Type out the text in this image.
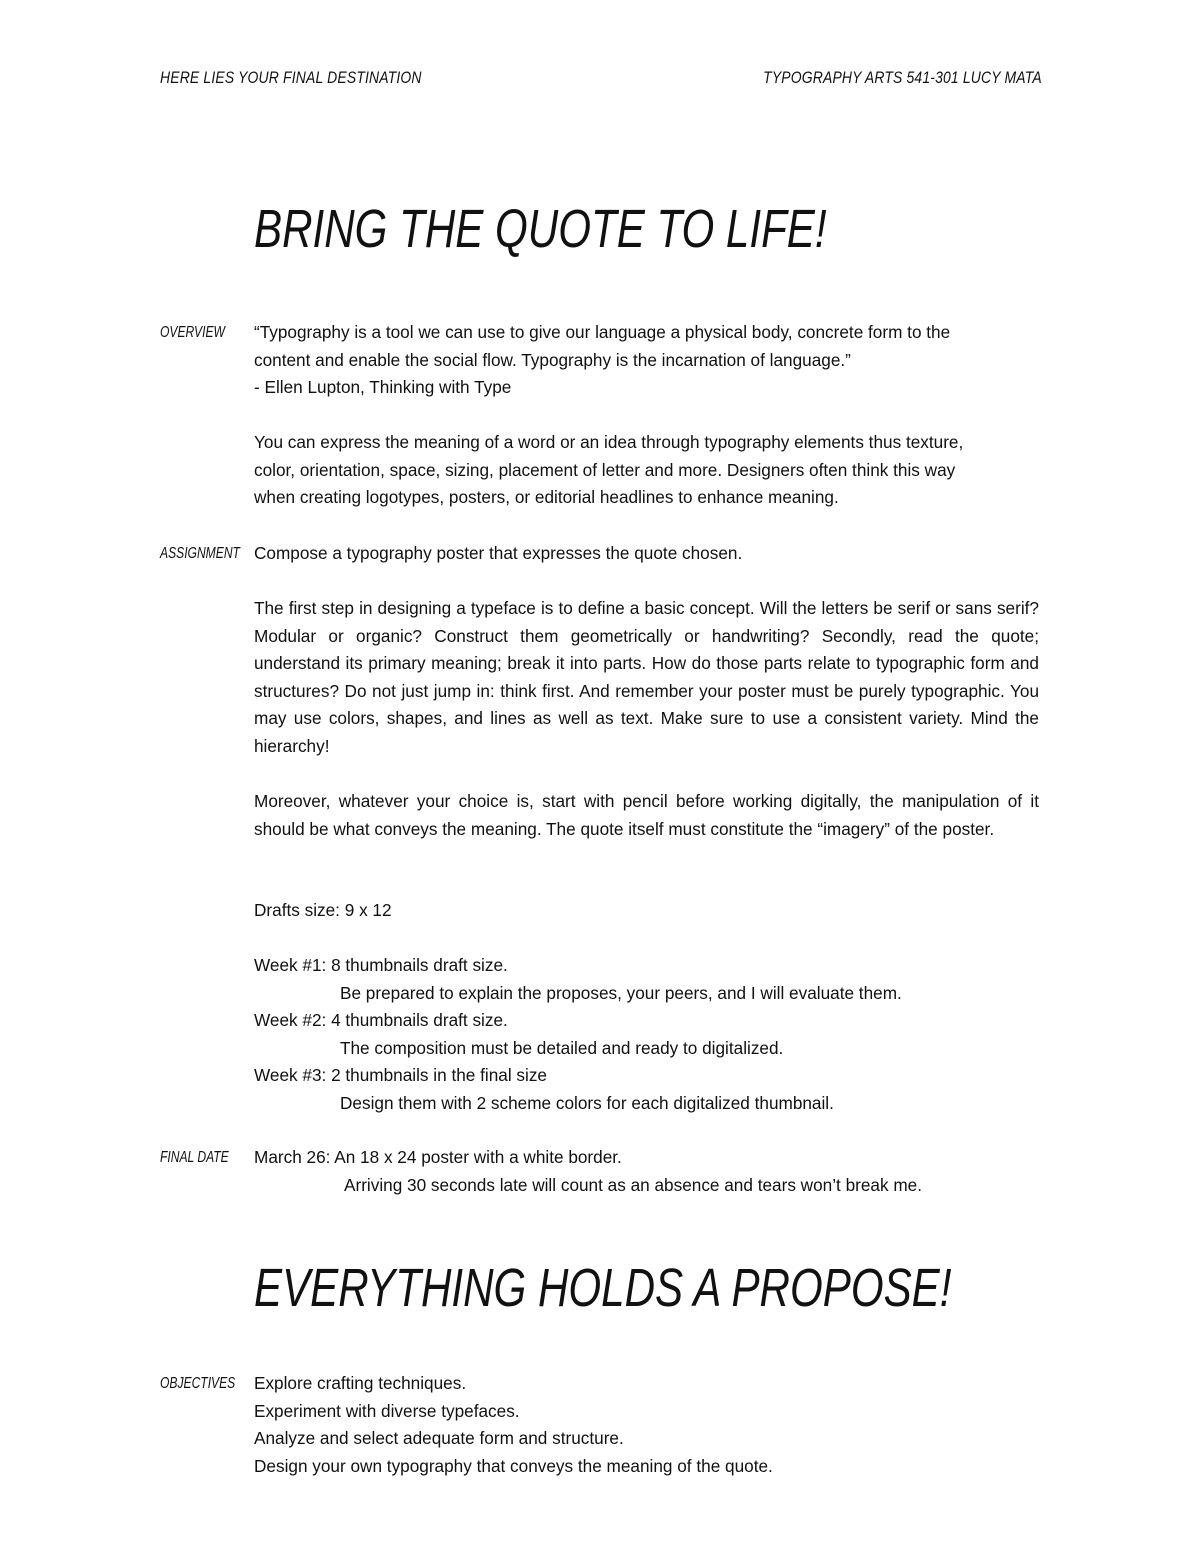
HERE LIES YOUR FINAL DESTINATION	TYPOGRAPHY ARTS 541-301 LUCY MATA
BRING THE QUOTE TO LIFE!
OVERVIEW “Typography is a tool we can use to give our language a physical body, concrete form to the
content and enable the social flow. Typography is the incarnation of language.”
- Ellen Lupton, Thinking with Type
You can express the meaning of a word or an idea through typography elements thus texture,
color, orientation, space, sizing, placement of letter and more. Designers often think this way
when creating logotypes, posters, or editorial headlines to enhance meaning.
ASSIGNMENT Compose a typography poster that expresses the quote chosen.

The first step in designing a typeface is to define a basic concept. Will the letters be serif or sans serif? Modular or organic? Construct them geometrically or handwriting? Secondly, read the quote; understand its primary meaning; break it into parts. How do those parts relate to typographic form and structures? Do not just jump in: think first. And remember your poster must be purely typographic. You may use colors, shapes, and lines as well as text. Make sure to use a consistent variety. Mind the hierarchy!

Moreover, whatever your choice is, start with pencil before working digitally, the manipulation of it should be what conveys the meaning. The quote itself must constitute the “imagery” of the poster.

Drafts size: 9 x 12
Week #1: 8 thumbnails draft size.
Be prepared to explain the proposes, your peers, and I will evaluate them.
Week #2: 4 thumbnails draft size.
The composition must be detailed and ready to digitalized.
Week #3: 2 thumbnails in the final size
Design them with 2 scheme colors for each digitalized thumbnail.
FINAL DATE March 26: An 18 x 24 poster with a white border.
Arriving 30 seconds late will count as an absence and tears won’t break me.
EVERYTHING HOLDS A PROPOSE!
OBJECTIVES Explore crafting techniques.
Experiment with diverse typefaces.
Analyze and select adequate form and structure.
Design your own typography that conveys the meaning of the quote.
